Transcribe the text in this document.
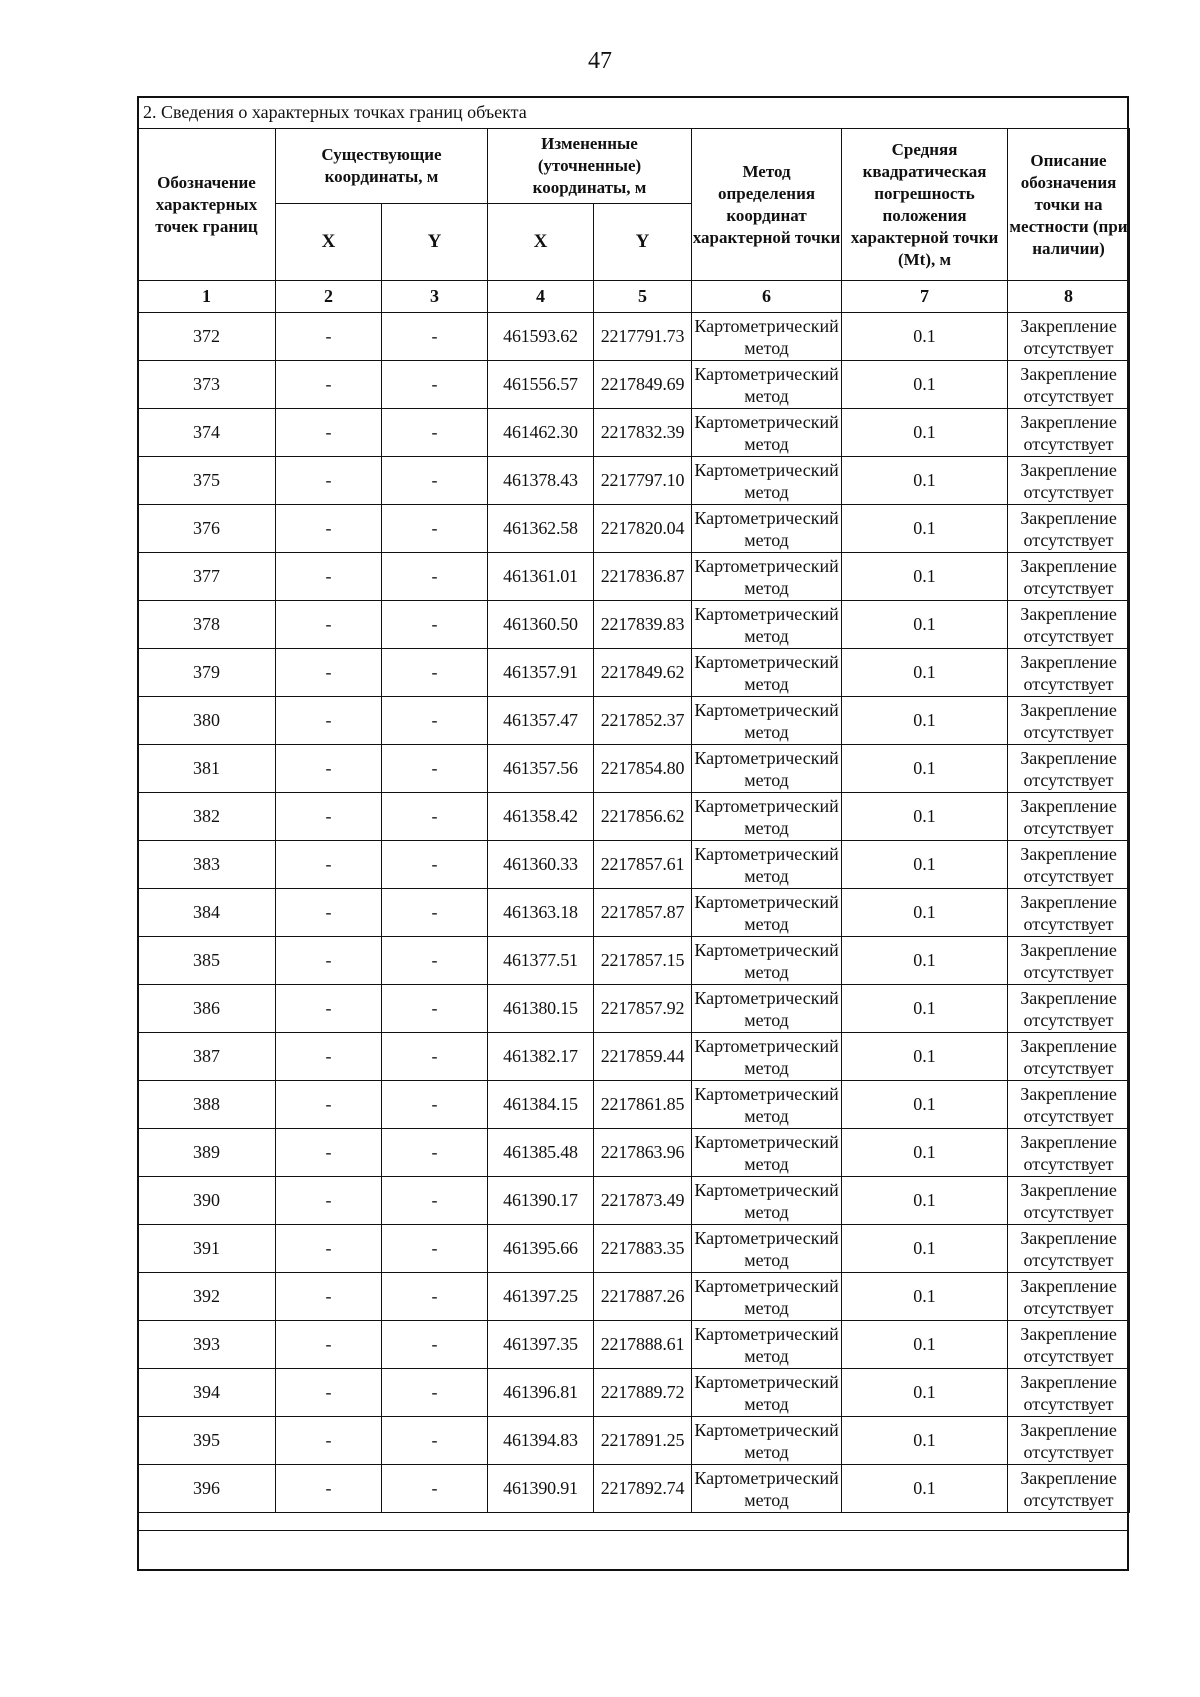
47
2. Сведения о характерных точках границ объекта
Обозначение характерных точек границ	Существующие координаты, м		Измененные (уточненные) координаты, м		Метод определения координат характерной точки	Средняя квадратическая погрешность положения характерной точки (Mt), м	Описание обозначения точки на местности (при наличии)
	X	Y	X	Y			
1	2	3	4	5	6	7	8
372	-	-	461593.62	2217791.73	Картометрический метод	0.1	Закрепление отсутствует
373	-	-	461556.57	2217849.69	Картометрический метод	0.1	Закрепление отсутствует
374	-	-	461462.30	2217832.39	Картометрический метод	0.1	Закрепление отсутствует
375	-	-	461378.43	2217797.10	Картометрический метод	0.1	Закрепление отсутствует
376	-	-	461362.58	2217820.04	Картометрический метод	0.1	Закрепление отсутствует
377	-	-	461361.01	2217836.87	Картометрический метод	0.1	Закрепление отсутствует
378	-	-	461360.50	2217839.83	Картометрический метод	0.1	Закрепление отсутствует
379	-	-	461357.91	2217849.62	Картометрический метод	0.1	Закрепление отсутствует
380	-	-	461357.47	2217852.37	Картометрический метод	0.1	Закрепление отсутствует
381	-	-	461357.56	2217854.80	Картометрический метод	0.1	Закрепление отсутствует
382	-	-	461358.42	2217856.62	Картометрический метод	0.1	Закрепление отсутствует
383	-	-	461360.33	2217857.61	Картометрический метод	0.1	Закрепление отсутствует
384	-	-	461363.18	2217857.87	Картометрический метод	0.1	Закрепление отсутствует
385	-	-	461377.51	2217857.15	Картометрический метод	0.1	Закрепление отсутствует
386	-	-	461380.15	2217857.92	Картометрический метод	0.1	Закрепление отсутствует
387	-	-	461382.17	2217859.44	Картометрический метод	0.1	Закрепление отсутствует
388	-	-	461384.15	2217861.85	Картометрический метод	0.1	Закрепление отсутствует
389	-	-	461385.48	2217863.96	Картометрический метод	0.1	Закрепление отсутствует
390	-	-	461390.17	2217873.49	Картометрический метод	0.1	Закрепление отсутствует
391	-	-	461395.66	2217883.35	Картометрический метод	0.1	Закрепление отсутствует
392	-	-	461397.25	2217887.26	Картометрический метод	0.1	Закрепление отсутствует
393	-	-	461397.35	2217888.61	Картометрический метод	0.1	Закрепление отсутствует
394	-	-	461396.81	2217889.72	Картометрический метод	0.1	Закрепление отсутствует
395	-	-	461394.83	2217891.25	Картометрический метод	0.1	Закрепление отсутствует
396	-	-	461390.91	2217892.74	Картометрический метод	0.1	Закрепление отсутствует
